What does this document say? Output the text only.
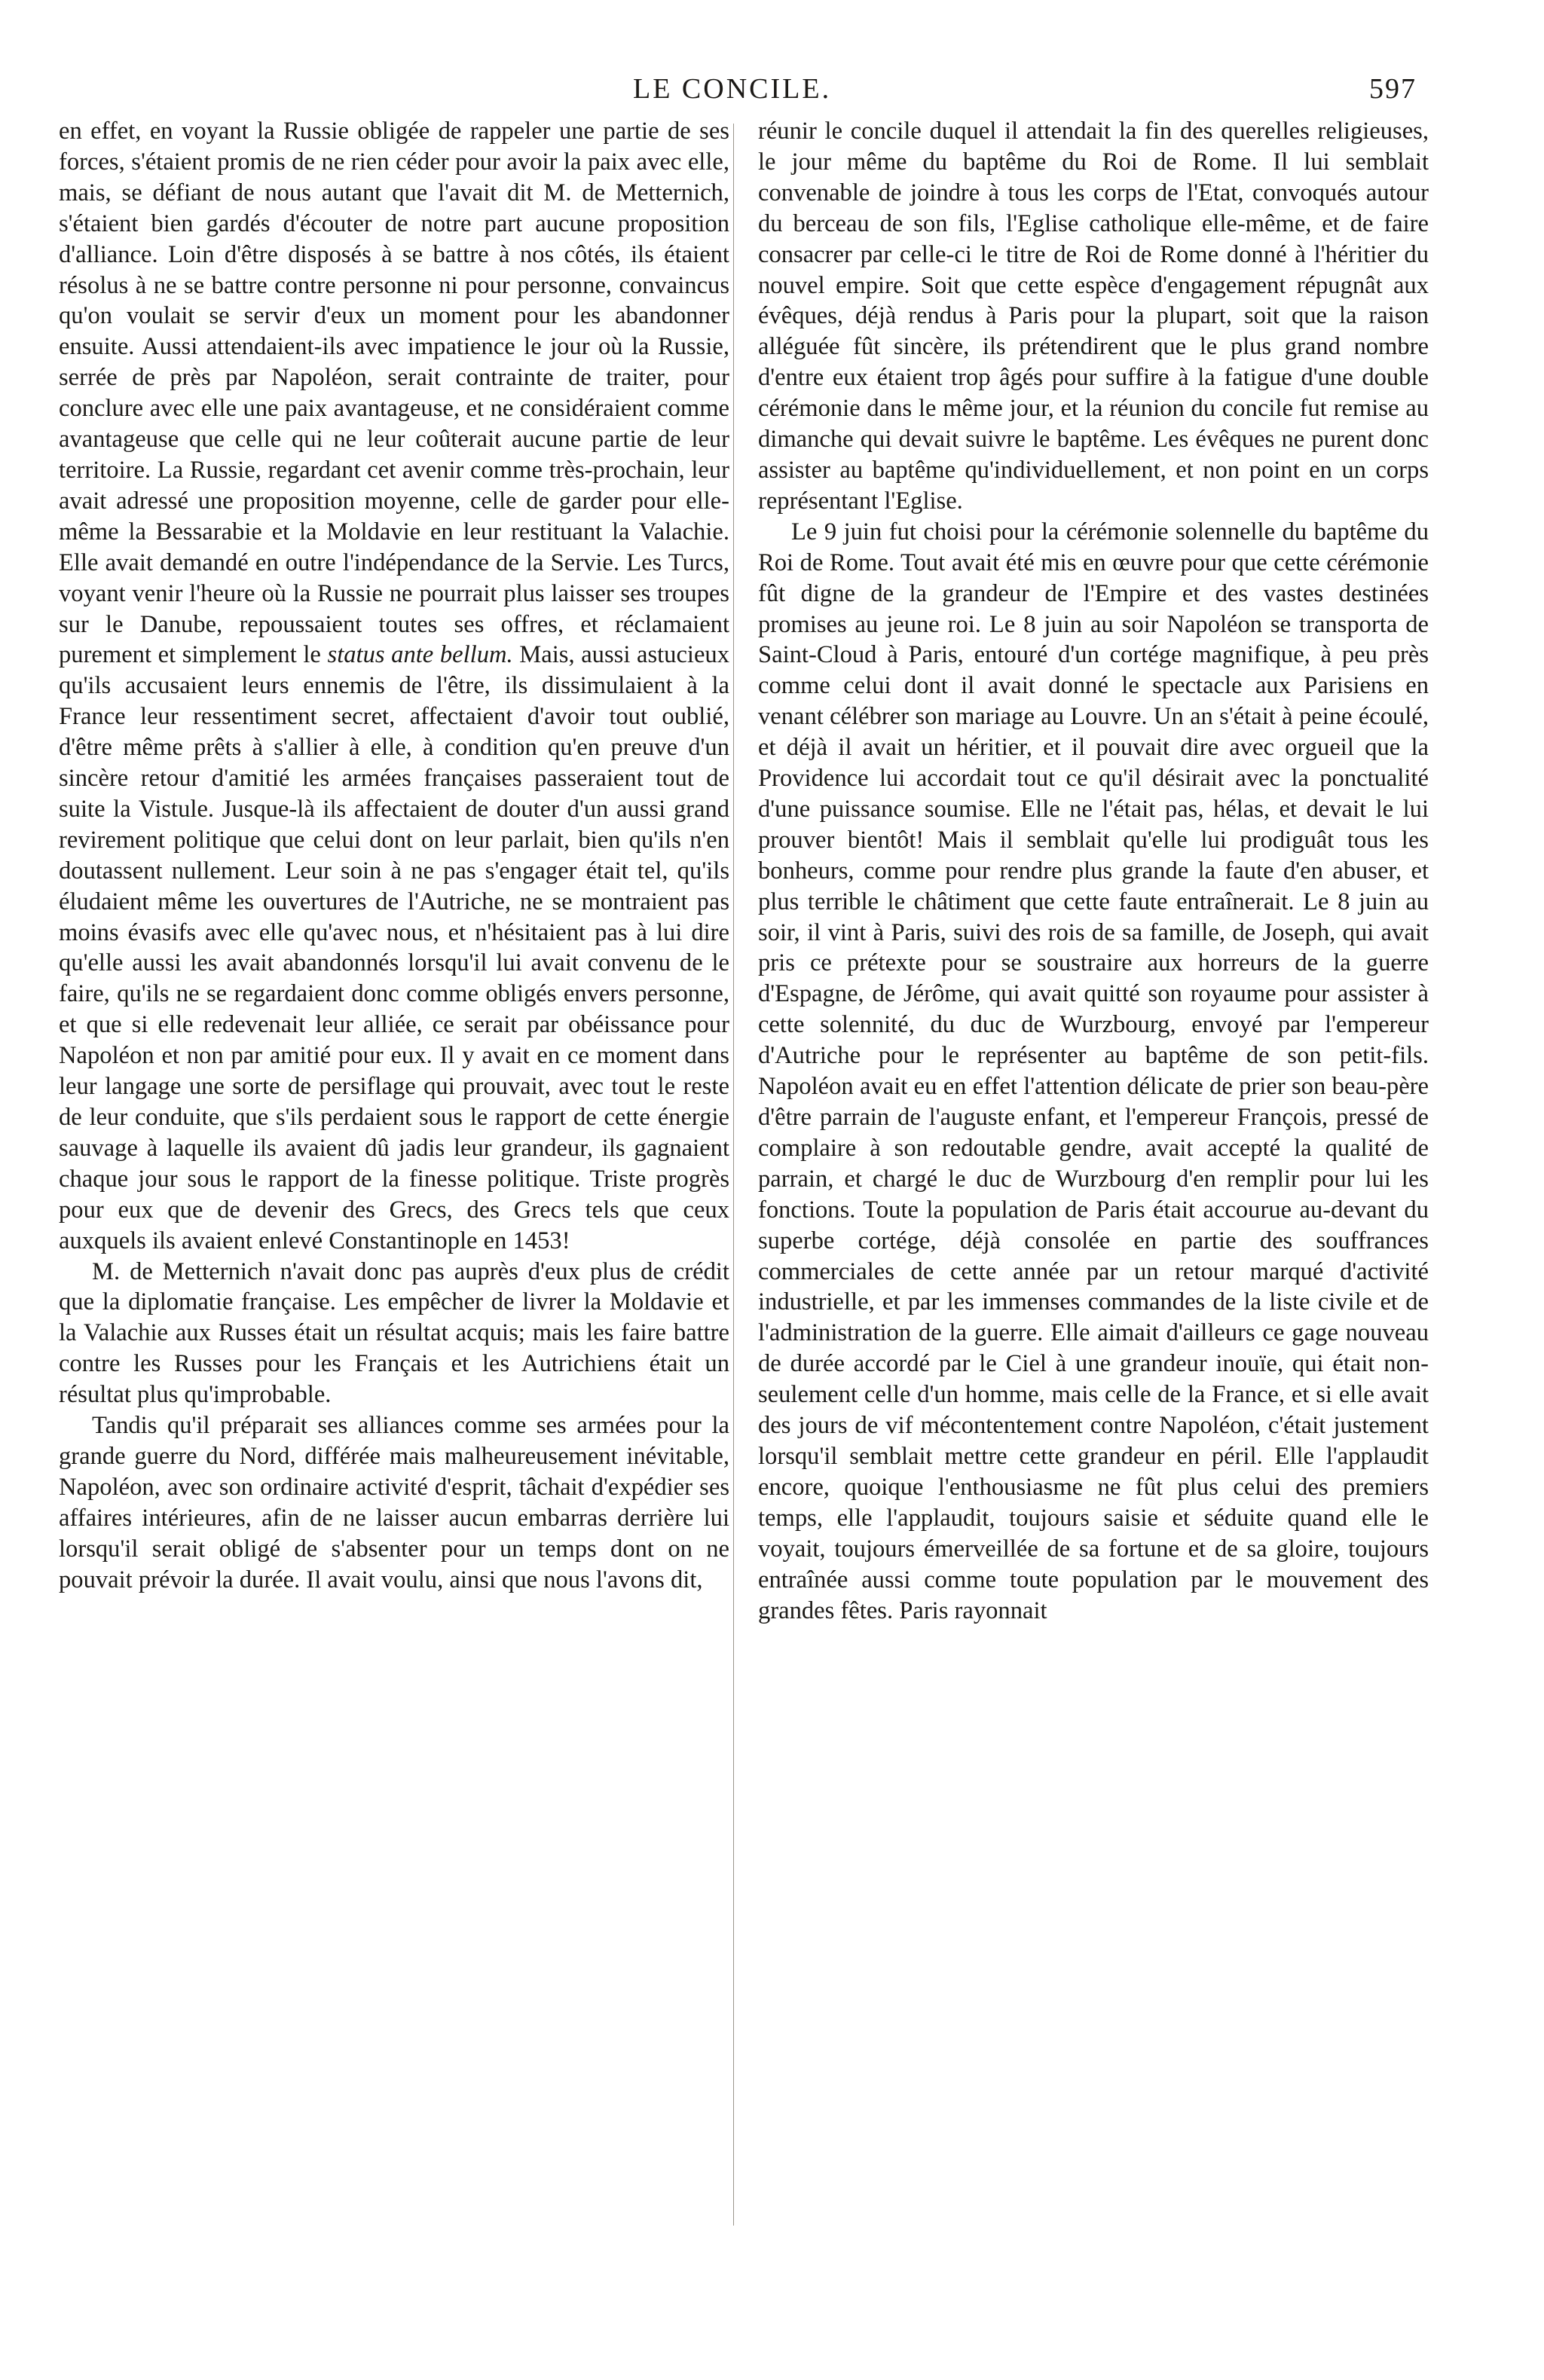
LE CONCILE.	597

en effet, en voyant la Russie obligée de rappeler une partie de ses forces, s'étaient promis de ne rien céder pour avoir la paix avec elle, mais, se défiant de nous autant que l'avait dit M. de Metternich, s'étaient bien gardés d'écouter de notre part aucune proposition d'alliance. Loin d'être disposés à se battre à nos côtés, ils étaient résolus à ne se battre contre personne ni pour personne, convaincus qu'on voulait se servir d'eux un moment pour les abandonner ensuite. Aussi attendaient-ils avec impatience le jour où la Russie, serrée de près par Napoléon, serait contrainte de traiter, pour conclure avec elle une paix avantageuse, et ne considéraient comme avantageuse que celle qui ne leur coûterait aucune partie de leur territoire. La Russie, regardant cet avenir comme très-prochain, leur avait adressé une proposition moyenne, celle de garder pour elle-même la Bessarabie et la Moldavie en leur restituant la Valachie. Elle avait demandé en outre l'indépendance de la Servie. Les Turcs, voyant venir l'heure où la Russie ne pourrait plus laisser ses troupes sur le Danube, repoussaient toutes ses offres, et réclamaient purement et simplement le status ante bellum. Mais, aussi astucieux qu'ils accusaient leurs ennemis de l'être, ils dissimulaient à la France leur ressentiment secret, affectaient d'avoir tout oublié, d'être même prêts à s'allier à elle, à condition qu'en preuve d'un sincère retour d'amitié les armées françaises passeraient tout de suite la Vistule. Jusque-là ils affectaient de douter d'un aussi grand revirement politique que celui dont on leur parlait, bien qu'ils n'en doutassent nullement. Leur soin à ne pas s'engager était tel, qu'ils éludaient même les ouvertures de l'Autriche, ne se montraient pas moins évasifs avec elle qu'avec nous, et n'hésitaient pas à lui dire qu'elle aussi les avait abandonnés lorsqu'il lui avait convenu de le faire, qu'ils ne se regardaient donc comme obligés envers personne, et que si elle redevenait leur alliée, ce serait par obéissance pour Napoléon et non par amitié pour eux. Il y avait en ce moment dans leur langage une sorte de persiflage qui prouvait, avec tout le reste de leur conduite, que s'ils perdaient sous le rapport de cette énergie sauvage à laquelle ils avaient dû jadis leur grandeur, ils gagnaient chaque jour sous le rapport de la finesse politique. Triste progrès pour eux que de devenir des Grecs, des Grecs tels que ceux auxquels ils avaient enlevé Constantinople en 1453!

M. de Metternich n'avait donc pas auprès d'eux plus de crédit que la diplomatie française. Les empêcher de livrer la Moldavie et la Valachie aux Russes était un résultat acquis; mais les faire battre contre les Russes pour les Français et les Autrichiens était un résultat plus qu'improbable.

Tandis qu'il préparait ses alliances comme ses armées pour la grande guerre du Nord, différée mais malheureusement inévitable, Napoléon, avec son ordinaire activité d'esprit, tâchait d'expédier ses affaires intérieures, afin de ne laisser aucun embarras derrière lui lorsqu'il serait obligé de s'absenter pour un temps dont on ne pouvait prévoir la durée. Il avait voulu, ainsi que nous l'avons dit,

réunir le concile duquel il attendait la fin des querelles religieuses, le jour même du baptême du Roi de Rome. Il lui semblait convenable de joindre à tous les corps de l'Etat, convoqués autour du berceau de son fils, l'Eglise catholique elle-même, et de faire consacrer par celle-ci le titre de Roi de Rome donné à l'héritier du nouvel empire. Soit que cette espèce d'engagement répugnât aux évêques, déjà rendus à Paris pour la plupart, soit que la raison alléguée fût sincère, ils prétendirent que le plus grand nombre d'entre eux étaient trop âgés pour suffire à la fatigue d'une double cérémonie dans le même jour, et la réunion du concile fut remise au dimanche qui devait suivre le baptême. Les évêques ne purent donc assister au baptême qu'individuellement, et non point en un corps représentant l'Eglise.

Le 9 juin fut choisi pour la cérémonie solennelle du baptême du Roi de Rome. Tout avait été mis en œuvre pour que cette cérémonie fût digne de la grandeur de l'Empire et des vastes destinées promises au jeune roi. Le 8 juin au soir Napoléon se transporta de Saint-Cloud à Paris, entouré d'un cortége magnifique, à peu près comme celui dont il avait donné le spectacle aux Parisiens en venant célébrer son mariage au Louvre. Un an s'était à peine écoulé, et déjà il avait un héritier, et il pouvait dire avec orgueil que la Providence lui accordait tout ce qu'il désirait avec la ponctualité d'une puissance soumise. Elle ne l'était pas, hélas, et devait le lui prouver bientôt! Mais il semblait qu'elle lui prodiguât tous les bonheurs, comme pour rendre plus grande la faute d'en abuser, et plus terrible le châtiment que cette faute entraînerait. Le 8 juin au soir, il vint à Paris, suivi des rois de sa famille, de Joseph, qui avait pris ce prétexte pour se soustraire aux horreurs de la guerre d'Espagne, de Jérôme, qui avait quitté son royaume pour assister à cette solennité, du duc de Wurzbourg, envoyé par l'empereur d'Autriche pour le représenter au baptême de son petit-fils. Napoléon avait eu en effet l'attention délicate de prier son beau-père d'être parrain de l'auguste enfant, et l'empereur François, pressé de complaire à son redoutable gendre, avait accepté la qualité de parrain, et chargé le duc de Wurzbourg d'en remplir pour lui les fonctions. Toute la population de Paris était accourue au-devant du superbe cortége, déjà consolée en partie des souffrances commerciales de cette année par un retour marqué d'activité industrielle, et par les immenses commandes de la liste civile et de l'administration de la guerre. Elle aimait d'ailleurs ce gage nouveau de durée accordé par le Ciel à une grandeur inouïe, qui était non-seulement celle d'un homme, mais celle de la France, et si elle avait des jours de vif mécontentement contre Napoléon, c'était justement lorsqu'il semblait mettre cette grandeur en péril. Elle l'applaudit encore, quoique l'enthousiasme ne fût plus celui des premiers temps, elle l'applaudit, toujours saisie et séduite quand elle le voyait, toujours émerveillée de sa fortune et de sa gloire, toujours entraînée aussi comme toute population par le mouvement des grandes fêtes. Paris rayonnait
